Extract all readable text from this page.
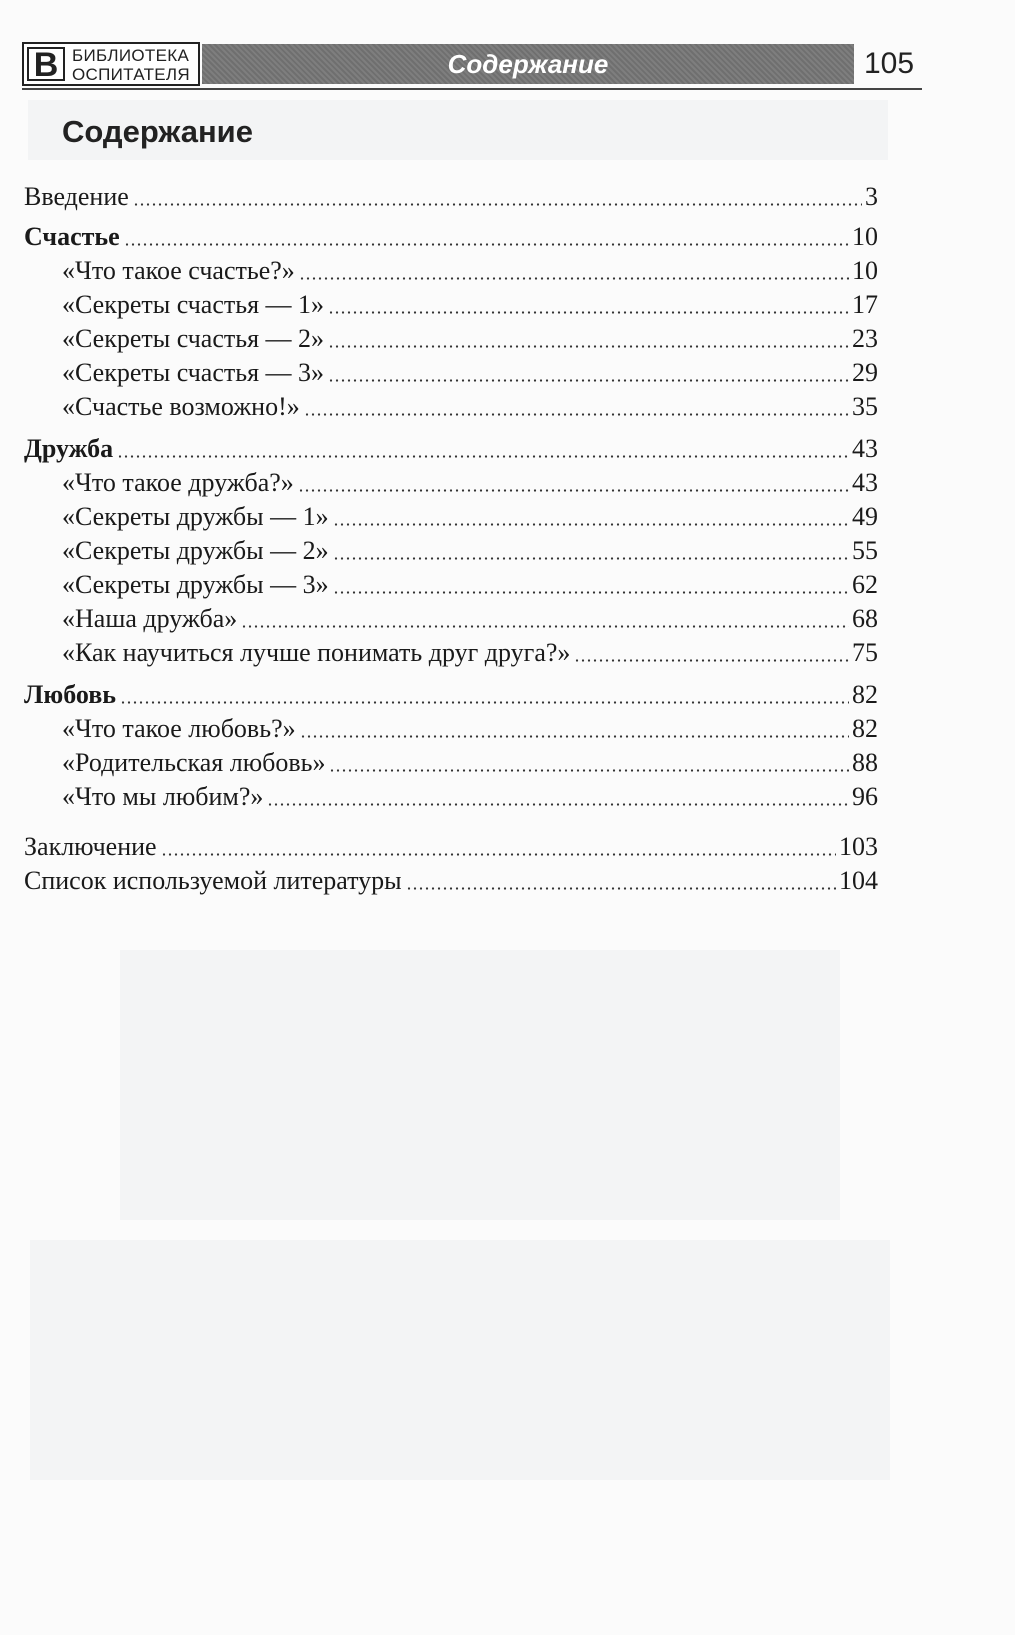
В БИБЛИОТЕКА
ОСПИТАТЕЛЯ	Содержание	105
Содержание
Введение	3
Счастье	10
«Что такое счастье?»	10
«Секреты счастья — 1»	17
«Секреты счастья — 2»	23
«Секреты счастья — 3»	29
«Счастье возможно!»	35
Дружба	43
«Что такое дружба?»	43
«Секреты дружбы — 1»	49
«Секреты дружбы — 2»	55
«Секреты дружбы — 3»	62
«Наша дружба»	68
«Как научиться лучше понимать друг друга?»	75
Любовь	82
«Что такое любовь?»	82
«Родительская любовь»	88
«Что мы любим?»	96
Заключение	103
Список используемой литературы	104
